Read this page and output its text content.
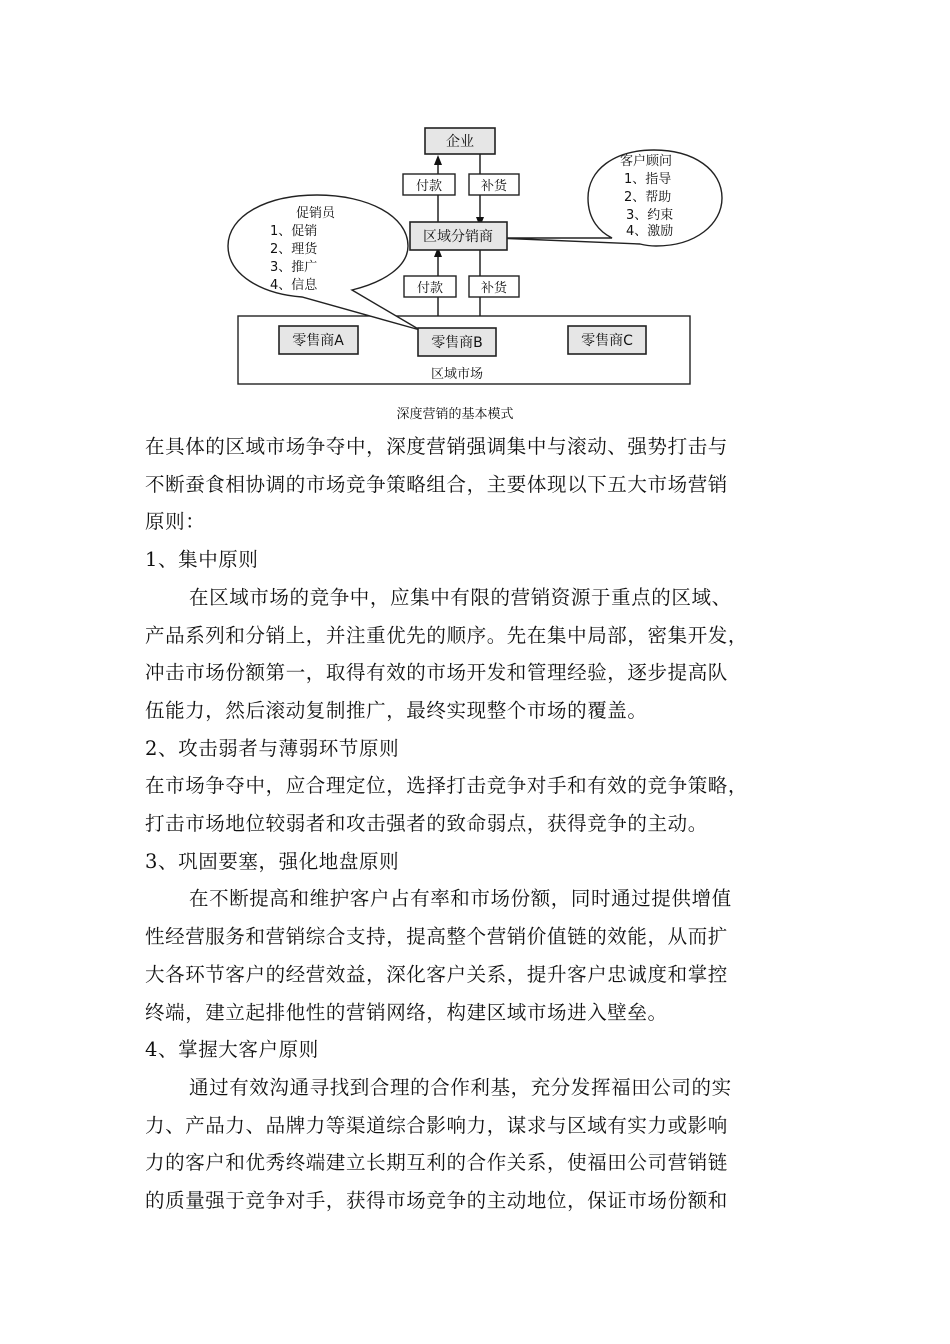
企业
付款	补货
区域分销商
付款	补货
零售商A	零售商B	零售商C
区域市场
促销员
1、促销
2、理货
3、推广
4、信息
客户顾问
1、指导
2、帮助
3、约束
4、激励
深度营销的基本模式

在具体的区域市场争夺中，深度营销强调集中与滚动、强势打击与

不断蚕食相协调的市场竞争策略组合，主要体现以下五大市场营销

原则：

1、集中原则

在区域市场的竞争中，应集中有限的营销资源于重点的区域、

产品系列和分销上，并注重优先的顺序。先在集中局部，密集开发，

冲击市场份额第一，取得有效的市场开发和管理经验，逐步提高队

伍能力，然后滚动复制推广，最终实现整个市场的覆盖。

2、攻击弱者与薄弱环节原则

在市场争夺中，应合理定位，选择打击竞争对手和有效的竞争策略，

打击市场地位较弱者和攻击强者的致命弱点，获得竞争的主动。

3、巩固要塞，强化地盘原则

在不断提高和维护客户占有率和市场份额，同时通过提供增值

性经营服务和营销综合支持，提高整个营销价值链的效能，从而扩

大各环节客户的经营效益，深化客户关系，提升客户忠诚度和掌控

终端，建立起排他性的营销网络，构建区域市场进入壁垒。

4、掌握大客户原则

通过有效沟通寻找到合理的合作利基，充分发挥福田公司的实

力、产品力、品牌力等渠道综合影响力，谋求与区域有实力或影响

力的客户和优秀终端建立长期互利的合作关系，使福田公司营销链

的质量强于竞争对手，获得市场竞争的主动地位，保证市场份额和
